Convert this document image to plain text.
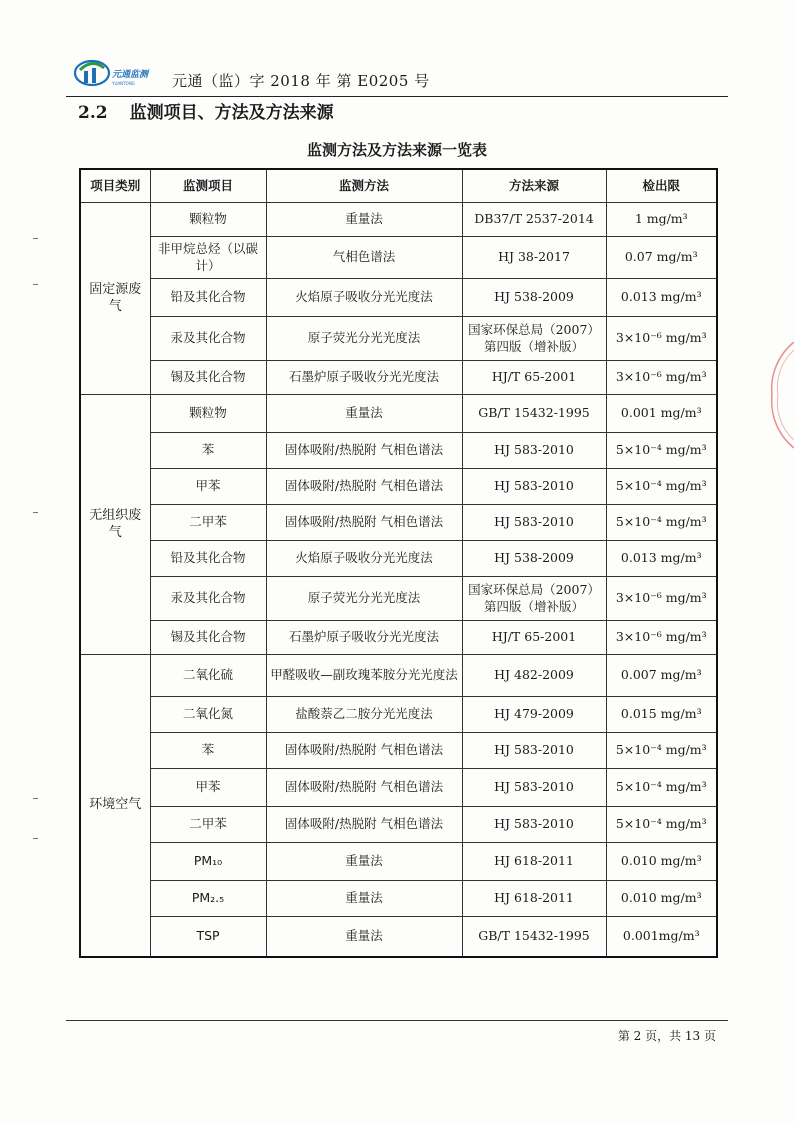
元通监测
YUANTONG 元通（监）字 2018 年 第 E0205 号
2.2 监测项目、方法及方法来源
监测方法及方法来源一览表
项目类别	监测项目	监测方法	方法来源	检出限
固定源废气	颗粒物	重量法	DB37/T 2537-2014	1 mg/m³
	非甲烷总烃（以碳计）	气相色谱法	HJ 38-2017	0.07 mg/m³
	铅及其化合物	火焰原子吸收分光光度法	HJ 538-2009	0.013 mg/m³
	汞及其化合物	原子荧光分光光度法	国家环保总局（2007）第四版（增补版）	3×10⁻⁶ mg/m³
	锡及其化合物	石墨炉原子吸收分光光度法	HJ/T 65-2001	3×10⁻⁶ mg/m³
无组织废气	颗粒物	重量法	GB/T 15432-1995	0.001 mg/m³
	苯	固体吸附/热脱附 气相色谱法	HJ 583-2010	5×10⁻⁴ mg/m³
	甲苯	固体吸附/热脱附 气相色谱法	HJ 583-2010	5×10⁻⁴ mg/m³
	二甲苯	固体吸附/热脱附 气相色谱法	HJ 583-2010	5×10⁻⁴ mg/m³
	铅及其化合物	火焰原子吸收分光光度法	HJ 538-2009	0.013 mg/m³
	汞及其化合物	原子荧光分光光度法	国家环保总局（2007）第四版（增补版）	3×10⁻⁶ mg/m³
	锡及其化合物	石墨炉原子吸收分光光度法	HJ/T 65-2001	3×10⁻⁶ mg/m³
环境空气	二氧化硫	甲醛吸收—副玫瑰苯胺分光光度法	HJ 482-2009	0.007 mg/m³
	二氧化氮	盐酸萘乙二胺分光光度法	HJ 479-2009	0.015 mg/m³
	苯	固体吸附/热脱附 气相色谱法	HJ 583-2010	5×10⁻⁴ mg/m³
	甲苯	固体吸附/热脱附 气相色谱法	HJ 583-2010	5×10⁻⁴ mg/m³
	二甲苯	固体吸附/热脱附 气相色谱法	HJ 583-2010	5×10⁻⁴ mg/m³
	PM₁₀	重量法	HJ 618-2011	0.010 mg/m³
	PM₂.₅	重量法	HJ 618-2011	0.010 mg/m³
	TSP	重量法	GB/T 15432-1995	0.001mg/m³
第 2 页，共 13 页
